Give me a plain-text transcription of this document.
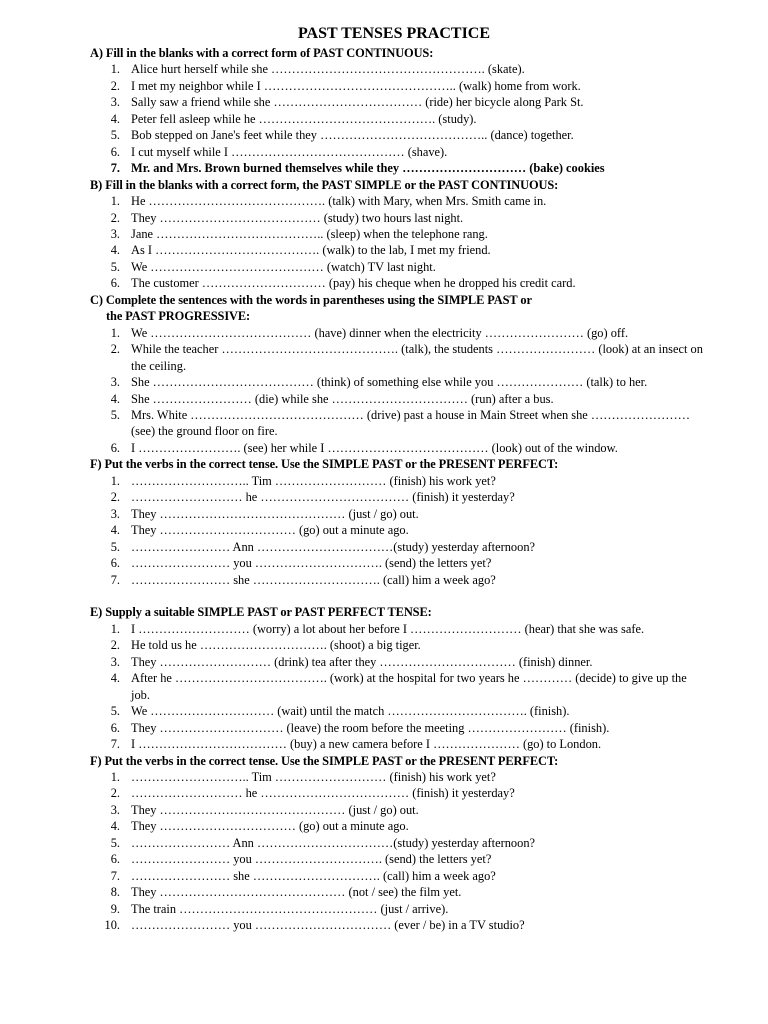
PAST TENSES PRACTICE
A) Fill in the blanks with a correct form of PAST CONTINUOUS:
1. Alice hurt herself while she ……………………………………………. (skate).
2. I met my neighbor while I ……………………………………….. (walk) home from work.
3. Sally saw a friend while she ……………………………… (ride) her bicycle along Park St.
4. Peter fell asleep while he ……………………………………. (study).
5. Bob stepped on Jane's feet while they ………………………………….. (dance) together.
6. I cut myself while I …………………………………… (shave).
7. Mr. and Mrs. Brown burned themselves while they ………………………… (bake) cookies
B) Fill in the blanks with a correct form, the PAST SIMPLE or the PAST CONTINUOUS:
1. He ……………………………………. (talk) with Mary, when Mrs. Smith came in.
2. They ………………………………… (study) two hours last night.
3. Jane ………………………………….. (sleep) when the telephone rang.
4. As I …………………………………. (walk) to the lab, I met my friend.
5. We …………………………………… (watch) TV last night.
6. The customer ………………………… (pay) his cheque when he dropped his credit card.
C) Complete the sentences with the words in parentheses using the SIMPLE PAST or
the PAST PROGRESSIVE:
1. We ………………………………… (have) dinner when the electricity …………………… (go) off.
2. While the teacher ……………………………………. (talk), the students …………………… (look) at an insect on the ceiling.
3. She ………………………………… (think) of something else while you ………………… (talk) to her.
4. She …………………… (die) while she …………………………… (run) after a bus.
5. Mrs. White …………………………………… (drive) past a house in Main Street when she …………………… (see) the ground floor on fire.
6. I ……………………. (see) her while I ………………………………… (look) out of the window.
F) Put the verbs in the correct tense. Use the SIMPLE PAST or the PRESENT PERFECT:
1. ……………………….. Tim ……………………… (finish) his work yet?
2. ……………………… he ……………………………… (finish) it yesterday?
3. They ……………………………………… (just / go) out.
4. They …………………………… (go) out a minute ago.
5. …………………… Ann ……………………………(study) yesterday afternoon?
6. …………………… you …………………………. (send) the letters yet?
7. …………………… she …………………………. (call) him a week ago?
E) Supply a suitable SIMPLE PAST or PAST PERFECT TENSE:
1. I ……………………… (worry) a lot about her before I ……………………… (hear) that she was safe.
2. He told us he …………………………. (shoot) a big tiger.
3. They ……………………… (drink) tea after they …………………………… (finish) dinner.
4. After he ………………………………. (work) at the hospital for two years he ………… (decide) to give up the job.
5. We ………………………… (wait) until the match ……………………………. (finish).
6. They ………………………… (leave) the room before the meeting …………………… (finish).
7. I ……………………………… (buy) a new camera before I ………………… (go) to London.
F) Put the verbs in the correct tense. Use the SIMPLE PAST or the PRESENT PERFECT:
1. ……………………….. Tim ……………………… (finish) his work yet?
2. ……………………… he ……………………………… (finish) it yesterday?
3. They ……………………………………… (just / go) out.
4. They …………………………… (go) out a minute ago.
5. …………………… Ann ……………………………(study) yesterday afternoon?
6. …………………… you …………………………. (send) the letters yet?
7. …………………… she …………………………. (call) him a week ago?
8. They ……………………………………… (not / see) the film yet.
9. The train ………………………………………… (just / arrive).
10. …………………… you …………………………… (ever / be) in a TV studio?
